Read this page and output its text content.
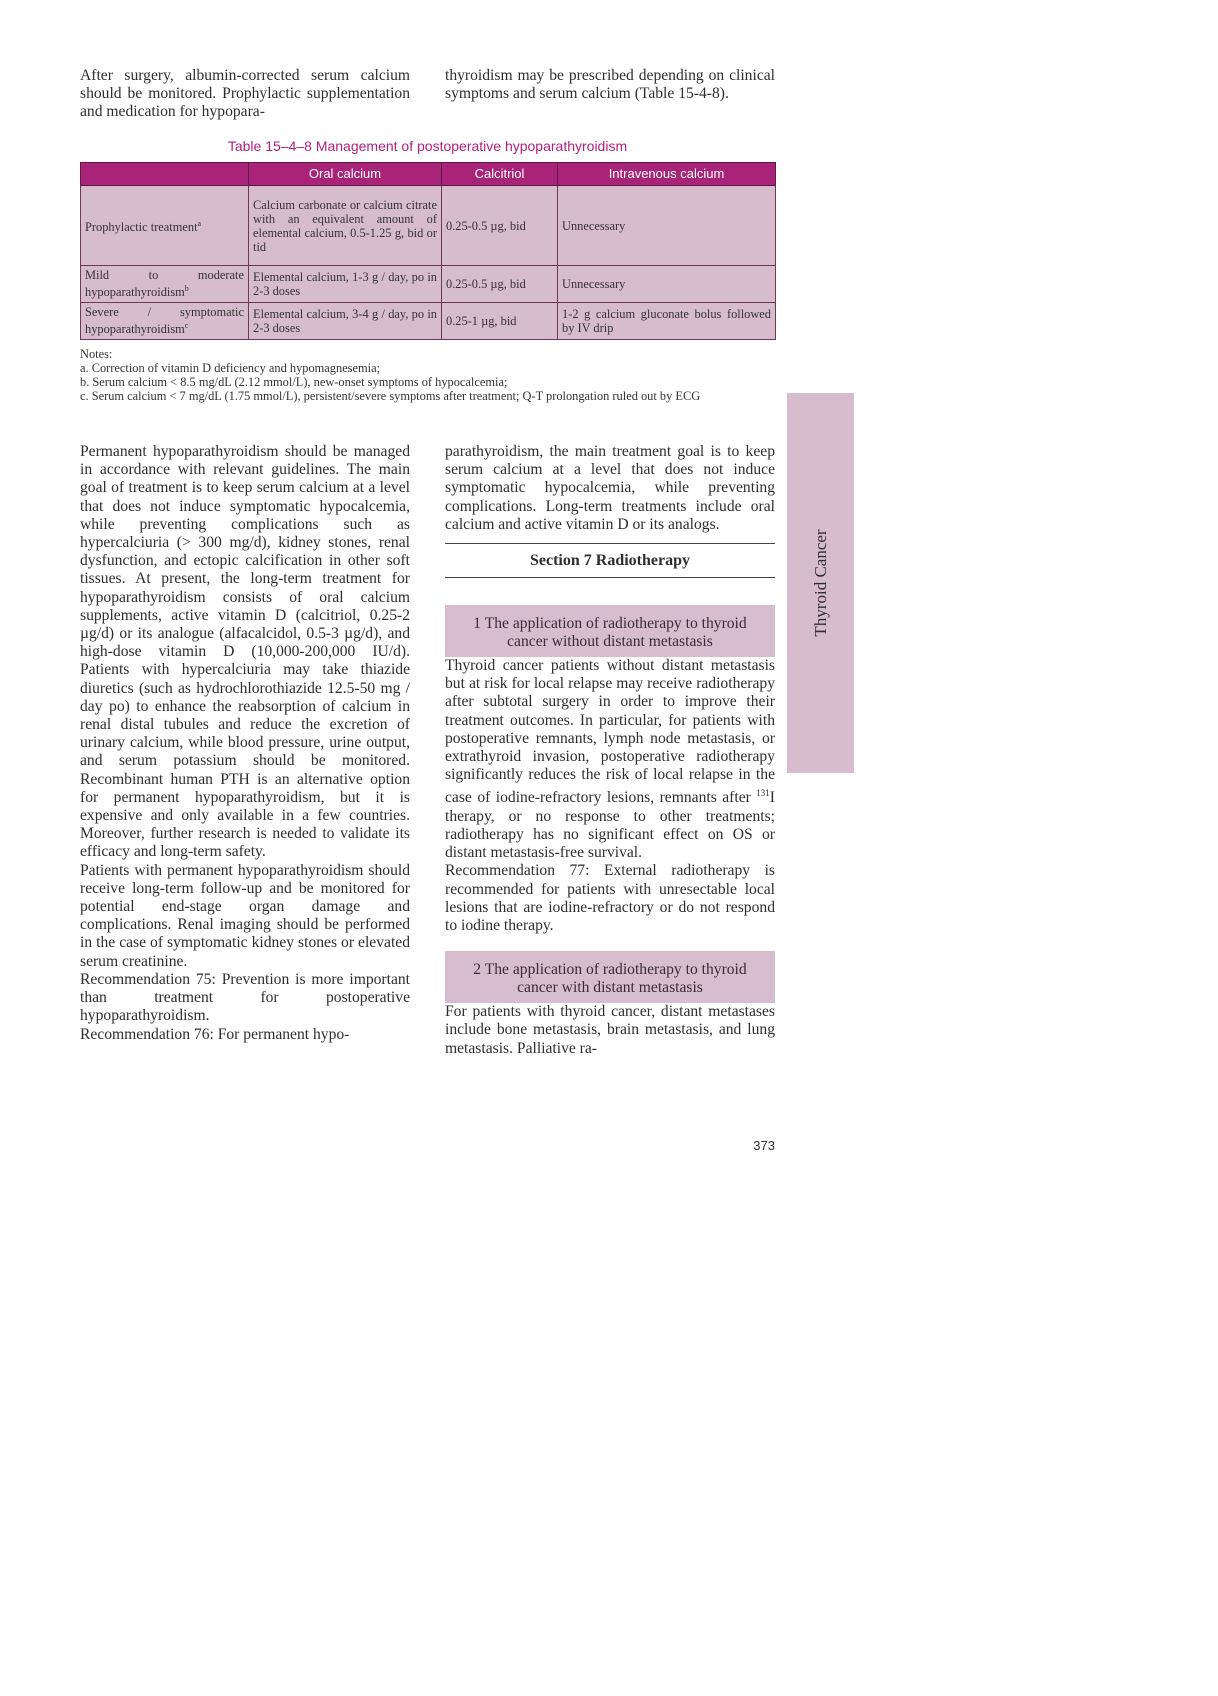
After surgery, albumin-corrected serum calcium should be monitored. Prophylactic supplementation and medication for hypopara-

thyroidism may be prescribed depending on clinical symptoms and serum calcium (Table 15-4-8).

Table 15–4–8 Management of postoperative hypoparathyroidism
	Oral calcium	Calcitriol	Intravenous calcium
Prophylactic treatment$^a$	Calcium carbonate or calcium citrate with an equivalent amount of elemental calcium, 0.5-1.25 g, bid or tid	0.25-0.5 µg, bid	Unnecessary
Mild to moderate hypoparathyroidism$^b$	Elemental calcium, 1-3 g / day, po in 2-3 doses	0.25-0.5 µg, bid	Unnecessary
Severe / symptomatic hypoparathyroidism$^c$	Elemental calcium, 3-4 g / day, po in 2-3 doses	0.25-1 µg, bid	1-2 g calcium gluconate bolus followed by IV drip

Notes:

a. Correction of vitamin D deficiency and hypomagnesemia;

b. Serum calcium < 8.5 mg/dL (2.12 mmol/L), new-onset symptoms of hypocalcemia;

c. Serum calcium < 7 mg/dL (1.75 mmol/L), persistent/severe symptoms after treatment; Q-T prolongation ruled out by ECG

Permanent hypoparathyroidism should be managed in accordance with relevant guidelines. The main goal of treatment is to keep serum calcium at a level that does not induce symptomatic hypocalcemia, while preventing complications such as hypercalciuria (> 300 mg/d), kidney stones, renal dysfunction, and ectopic calcification in other soft tissues. At present, the long-term treatment for hypoparathyroidism consists of oral calcium supplements, active vitamin D (calcitriol, 0.25-2 µg/d) or its analogue (alfacalcidol, 0.5-3 µg/d), and high-dose vitamin D (10,000-200,000 IU/d). Patients with hypercalciuria may take thiazide diuretics (such as hydrochlorothiazide 12.5-50 mg / day po) to enhance the reabsorption of calcium in renal distal tubules and reduce the excretion of urinary calcium, while blood pressure, urine output, and serum potassium should be monitored. Recombinant human PTH is an alternative option for permanent hypoparathyroidism, but it is expensive and only available in a few countries. Moreover, further research is needed to validate its efficacy and long-term safety.

Patients with permanent hypoparathyroidism should receive long-term follow-up and be monitored for potential end-stage organ damage and complications. Renal imaging should be performed in the case of symptomatic kidney stones or elevated serum creatinine.

Recommendation 75: Prevention is more important than treatment for postoperative hypoparathyroidism.

Recommendation 76: For permanent hypo-

parathyroidism, the main treatment goal is to keep serum calcium at a level that does not induce symptomatic hypocalcemia, while preventing complications. Long-term treatments include oral calcium and active vitamin D or its analogs.

Section 7 Radiotherapy
1 The application of radiotherapy to thyroid cancer without distant metastasis

Thyroid cancer patients without distant metastasis but at risk for local relapse may receive radiotherapy after subtotal surgery in order to improve their treatment outcomes. In particular, for patients with postoperative remnants, lymph node metastasis, or extrathyroid invasion, postoperative radiotherapy significantly reduces the risk of local relapse in the case of iodine-refractory lesions, remnants after $^{131}$I therapy, or no response to other treatments; radiotherapy has no significant effect on OS or distant metastasis-free survival.

Recommendation 77: External radiotherapy is recommended for patients with unresectable local lesions that are iodine-refractory or do not respond to iodine therapy.

2 The application of radiotherapy to thyroid cancer with distant metastasis

For patients with thyroid cancer, distant metastases include bone metastasis, brain metastasis, and lung metastasis. Palliative ra-

Thyroid Cancer
373
